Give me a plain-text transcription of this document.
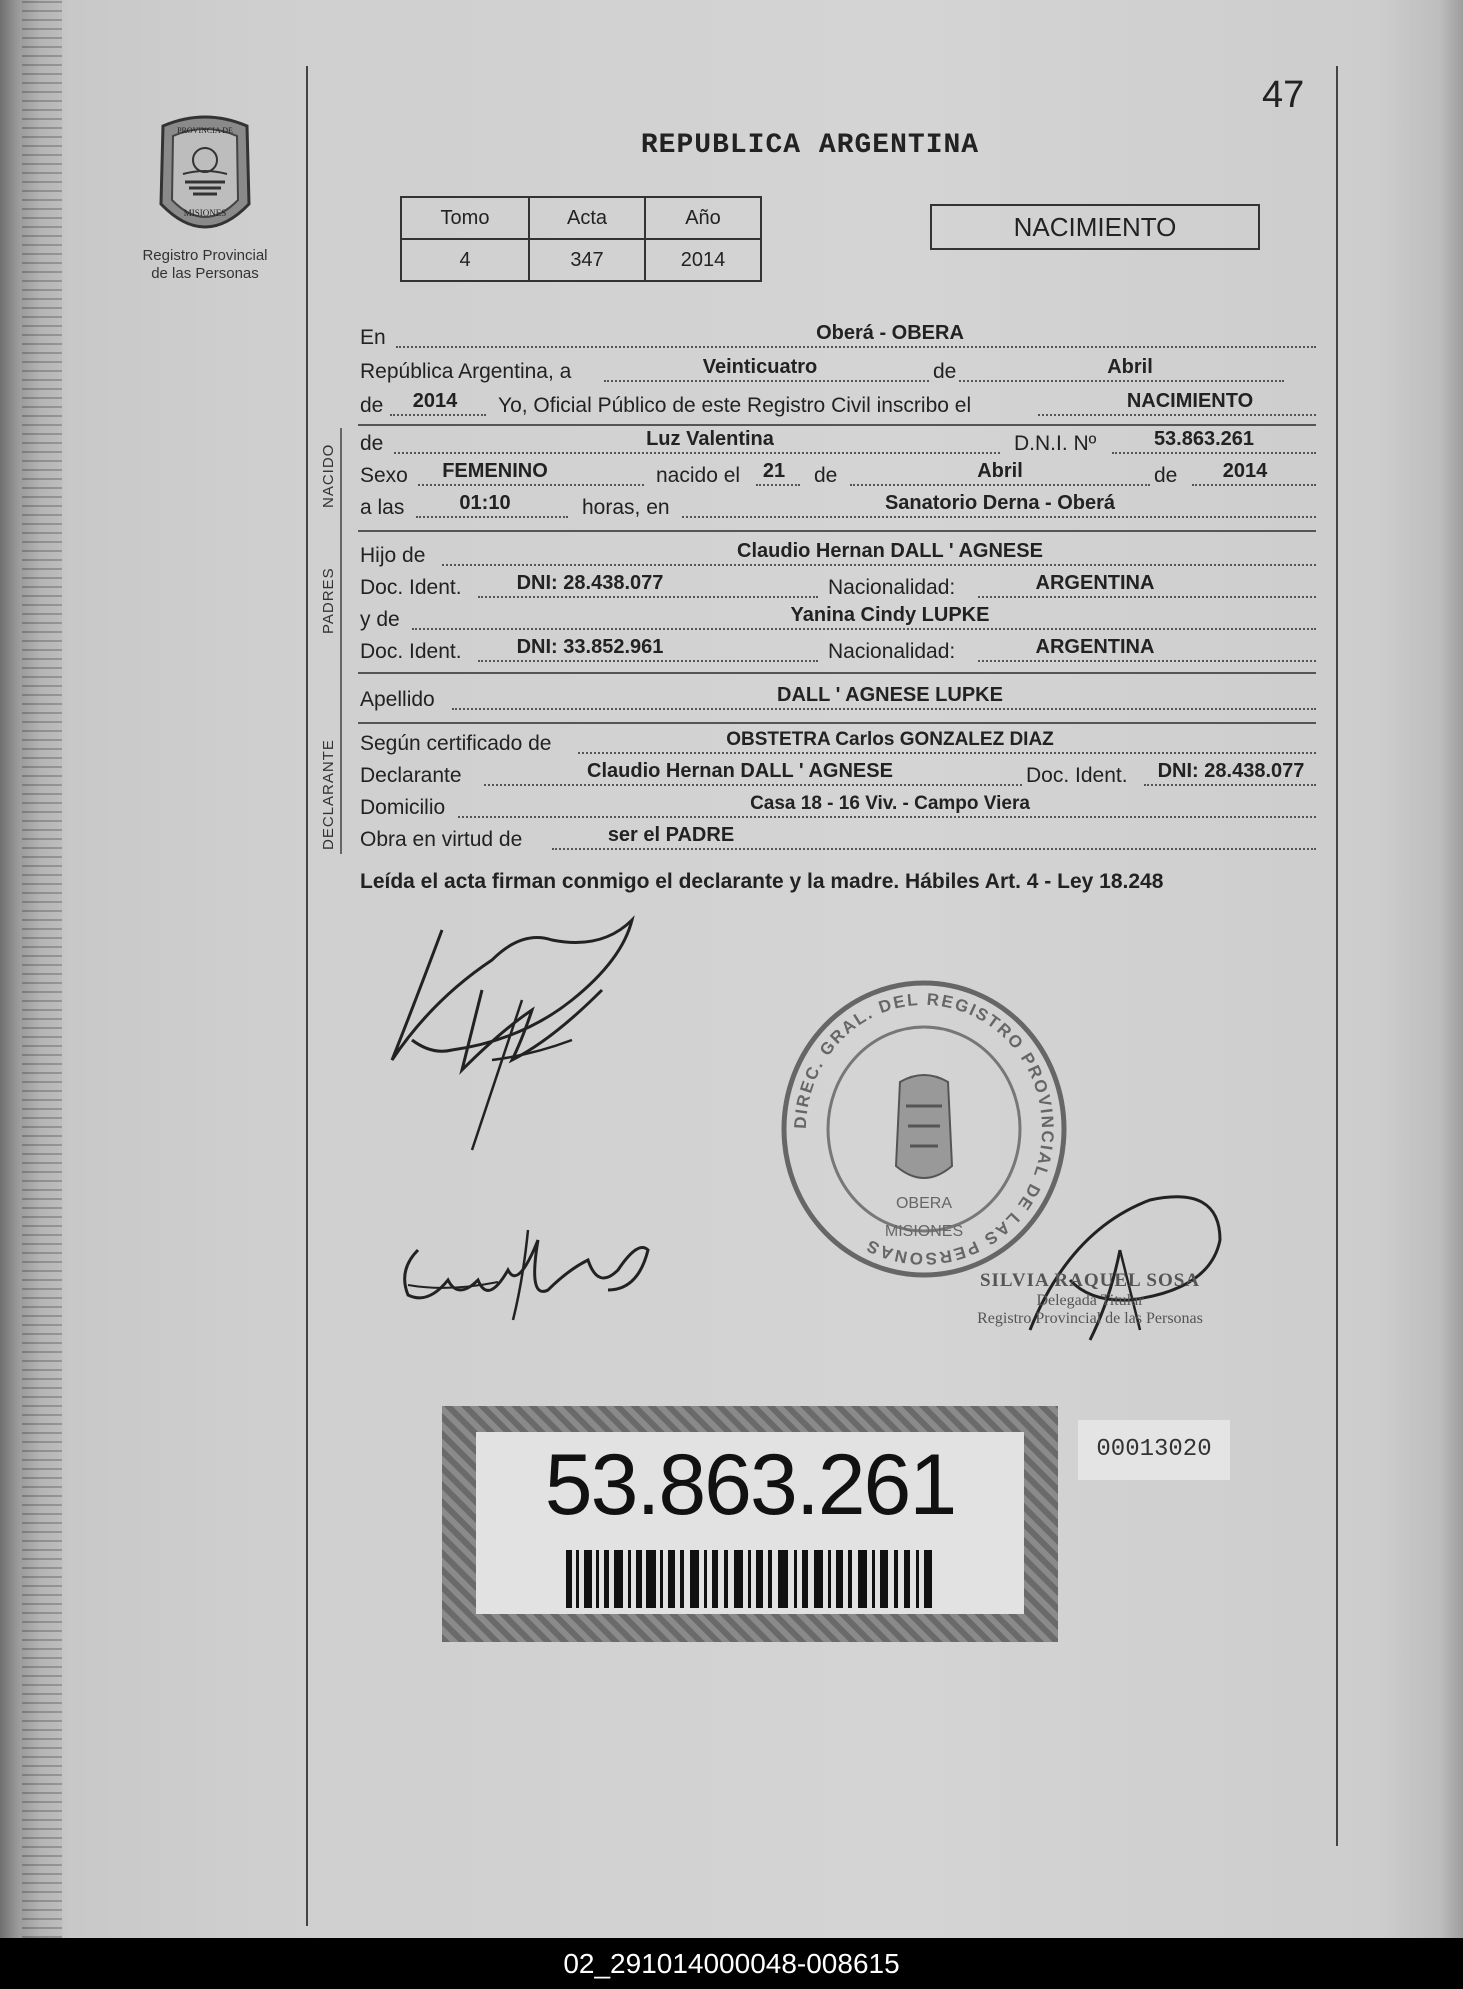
47
PROVINCIA DE
MISIONES
Registro Provincial
de las Personas
REPUBLICA ARGENTINA
Tomo	Acta	Año
4	347	2014
NACIMIENTO
En	Oberá - OBERA
República Argentina, a	Veinticuatro	de	Abril
de	2014	Yo, Oficial Público de este Registro Civil inscribo el	NACIMIENTO
NACIDO
de	Luz Valentina	D.N.I. Nº	53.863.261
Sexo	FEMENINO	nacido el	21	de	Abril	de	2014
a las	01:10	horas, en	Sanatorio Derna - Oberá
PADRES
Hijo de	Claudio Hernan DALL ' AGNESE
Doc. Ident.	DNI: 28.438.077	Nacionalidad:	ARGENTINA
y de	Yanina Cindy LUPKE
Doc. Ident.	DNI: 33.852.961	Nacionalidad:	ARGENTINA
Apellido	DALL ' AGNESE LUPKE
DECLARANTE Según certificado de	OBSTETRA Carlos GONZALEZ DIAZ
Declarante	Claudio Hernan DALL ' AGNESE	Doc. Ident.	DNI: 28.438.077
Domicilio	Casa 18 - 16 Viv. - Campo Viera
Obra en virtud de	ser el PADRE
Leída el acta firman conmigo el declarante y la madre. Hábiles Art. 4 - Ley 18.248
DIREC. GRAL. DEL REGISTRO PROVINCIAL DE LAS PERSONAS
OBERA
MISIONES
SILVIA RAQUEL SOSA
Delegada Titular
Registro Provincial de las Personas
53.863.261	00013020
02_291014000048-008615
